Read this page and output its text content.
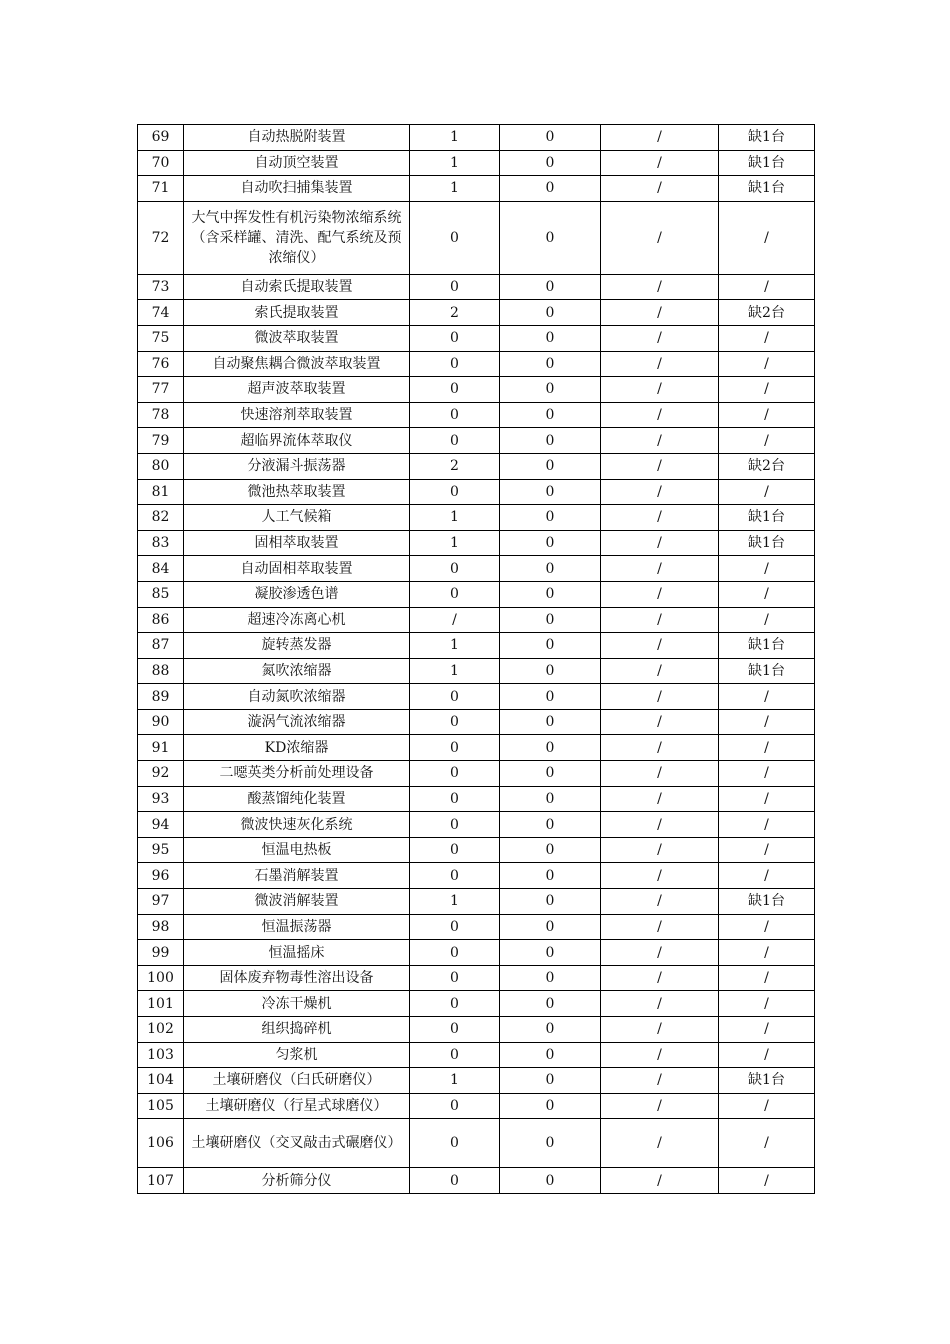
69	自动热脱附装置	1	0	/	缺1台
70	自动顶空装置	1	0	/	缺1台
71	自动吹扫捕集装置	1	0	/	缺1台
72	大气中挥发性有机污染物浓缩系统（含采样罐、清洗、配气系统及预浓缩仪）	0	0	/	/
73	自动索氏提取装置	0	0	/	/
74	索氏提取装置	2	0	/	缺2台
75	微波萃取装置	0	0	/	/
76	自动聚焦耦合微波萃取装置	0	0	/	/
77	超声波萃取装置	0	0	/	/
78	快速溶剂萃取装置	0	0	/	/
79	超临界流体萃取仪	0	0	/	/
80	分液漏斗振荡器	2	0	/	缺2台
81	微池热萃取装置	0	0	/	/
82	人工气候箱	1	0	/	缺1台
83	固相萃取装置	1	0	/	缺1台
84	自动固相萃取装置	0	0	/	/
85	凝胶渗透色谱	0	0	/	/
86	超速冷冻离心机	/	0	/	/
87	旋转蒸发器	1	0	/	缺1台
88	氮吹浓缩器	1	0	/	缺1台
89	自动氮吹浓缩器	0	0	/	/
90	漩涡气流浓缩器	0	0	/	/
91	KD浓缩器	0	0	/	/
92	二噁英类分析前处理设备	0	0	/	/
93	酸蒸馏纯化装置	0	0	/	/
94	微波快速灰化系统	0	0	/	/
95	恒温电热板	0	0	/	/
96	石墨消解装置	0	0	/	/
97	微波消解装置	1	0	/	缺1台
98	恒温振荡器	0	0	/	/
99	恒温摇床	0	0	/	/
100	固体废弃物毒性溶出设备	0	0	/	/
101	冷冻干燥机	0	0	/	/
102	组织捣碎机	0	0	/	/
103	匀浆机	0	0	/	/
104	土壤研磨仪（臼氏研磨仪）	1	0	/	缺1台
105	土壤研磨仪（行星式球磨仪）	0	0	/	/
106	土壤研磨仪（交叉敲击式碾磨仪）	0	0	/	/
107	分析筛分仪	0	0	/	/
